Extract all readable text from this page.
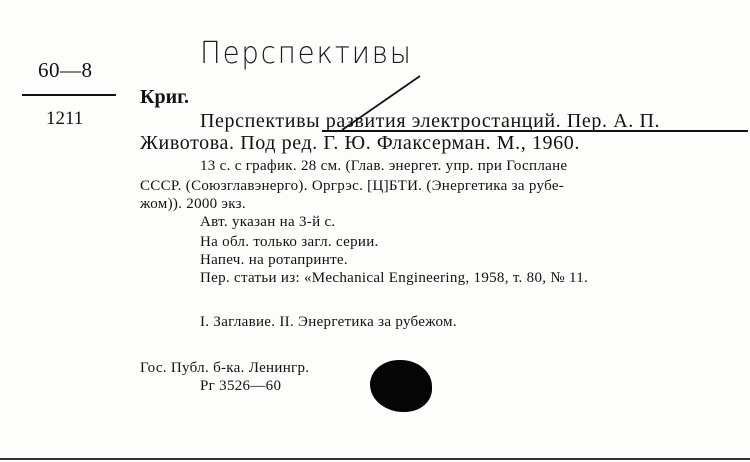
60—8
1211
Перспективы
Криг.
Перспективы развития электростанций. Пер. А. П.
Животова. Под ред. Г. Ю. Флаксерман. М., 1960.
13 с. с график. 28 см. (Глав. энергет. упр. при Госплане
СССР. (Союзглавэнерго). Оргрэс. [Ц]БТИ. (Энергетика за рубе-
жом)). 2000 экз.
Авт. указан на 3-й с.
На обл. только загл. серии.
Напеч. на ротапринте.
Пер. статьи из: «Mechanical Engineering, 1958, т. 80, № 11.
I. Заглавие. II. Энергетика за рубежом.
Гос. Публ. б-ка. Ленингр.
Рг 3526—60
